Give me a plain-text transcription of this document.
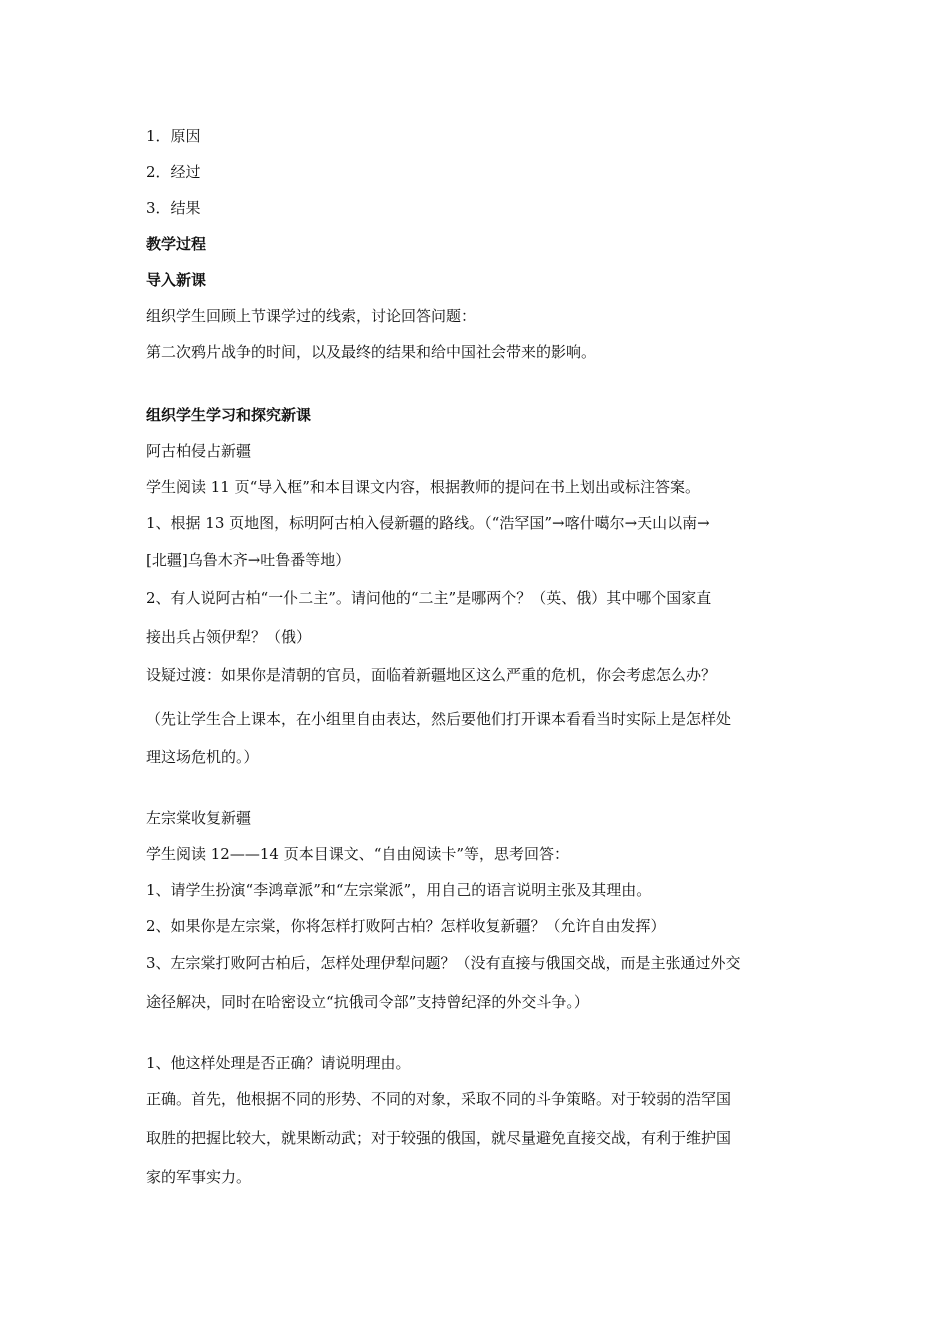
1．原因
2．经过
3．结果
教学过程
导入新课
组织学生回顾上节课学过的线索，讨论回答问题：
第二次鸦片战争的时间，以及最终的结果和给中国社会带来的影响。
组织学生学习和探究新课
阿古柏侵占新疆
学生阅读 11 页“导入框”和本目课文内容，根据教师的提问在书上划出或标注答案。
1、根据 13 页地图，标明阿古柏入侵新疆的路线。（“浩罕国”→喀什噶尔→天山以南→
[北疆]乌鲁木齐→吐鲁番等地）
2、有人说阿古柏“一仆二主”。请问他的“二主”是哪两个？（英、俄）其中哪个国家直
接出兵占领伊犁？（俄）
设疑过渡：如果你是清朝的官员，面临着新疆地区这么严重的危机，你会考虑怎么办？
（先让学生合上课本，在小组里自由表达，然后要他们打开课本看看当时实际上是怎样处
理这场危机的。）
左宗棠收复新疆
学生阅读 12——14 页本目课文、“自由阅读卡”等，思考回答：
1、请学生扮演“李鸿章派”和“左宗棠派”，用自己的语言说明主张及其理由。
2、如果你是左宗棠，你将怎样打败阿古柏？怎样收复新疆？（允许自由发挥）
3、左宗棠打败阿古柏后，怎样处理伊犁问题？（没有直接与俄国交战，而是主张通过外交
途径解决，同时在哈密设立“抗俄司令部”支持曾纪泽的外交斗争。）
1、他这样处理是否正确？请说明理由。
正确。首先，他根据不同的形势、不同的对象，采取不同的斗争策略。对于较弱的浩罕国
取胜的把握比较大，就果断动武；对于较强的俄国，就尽量避免直接交战，有利于维护国
家的军事实力。
